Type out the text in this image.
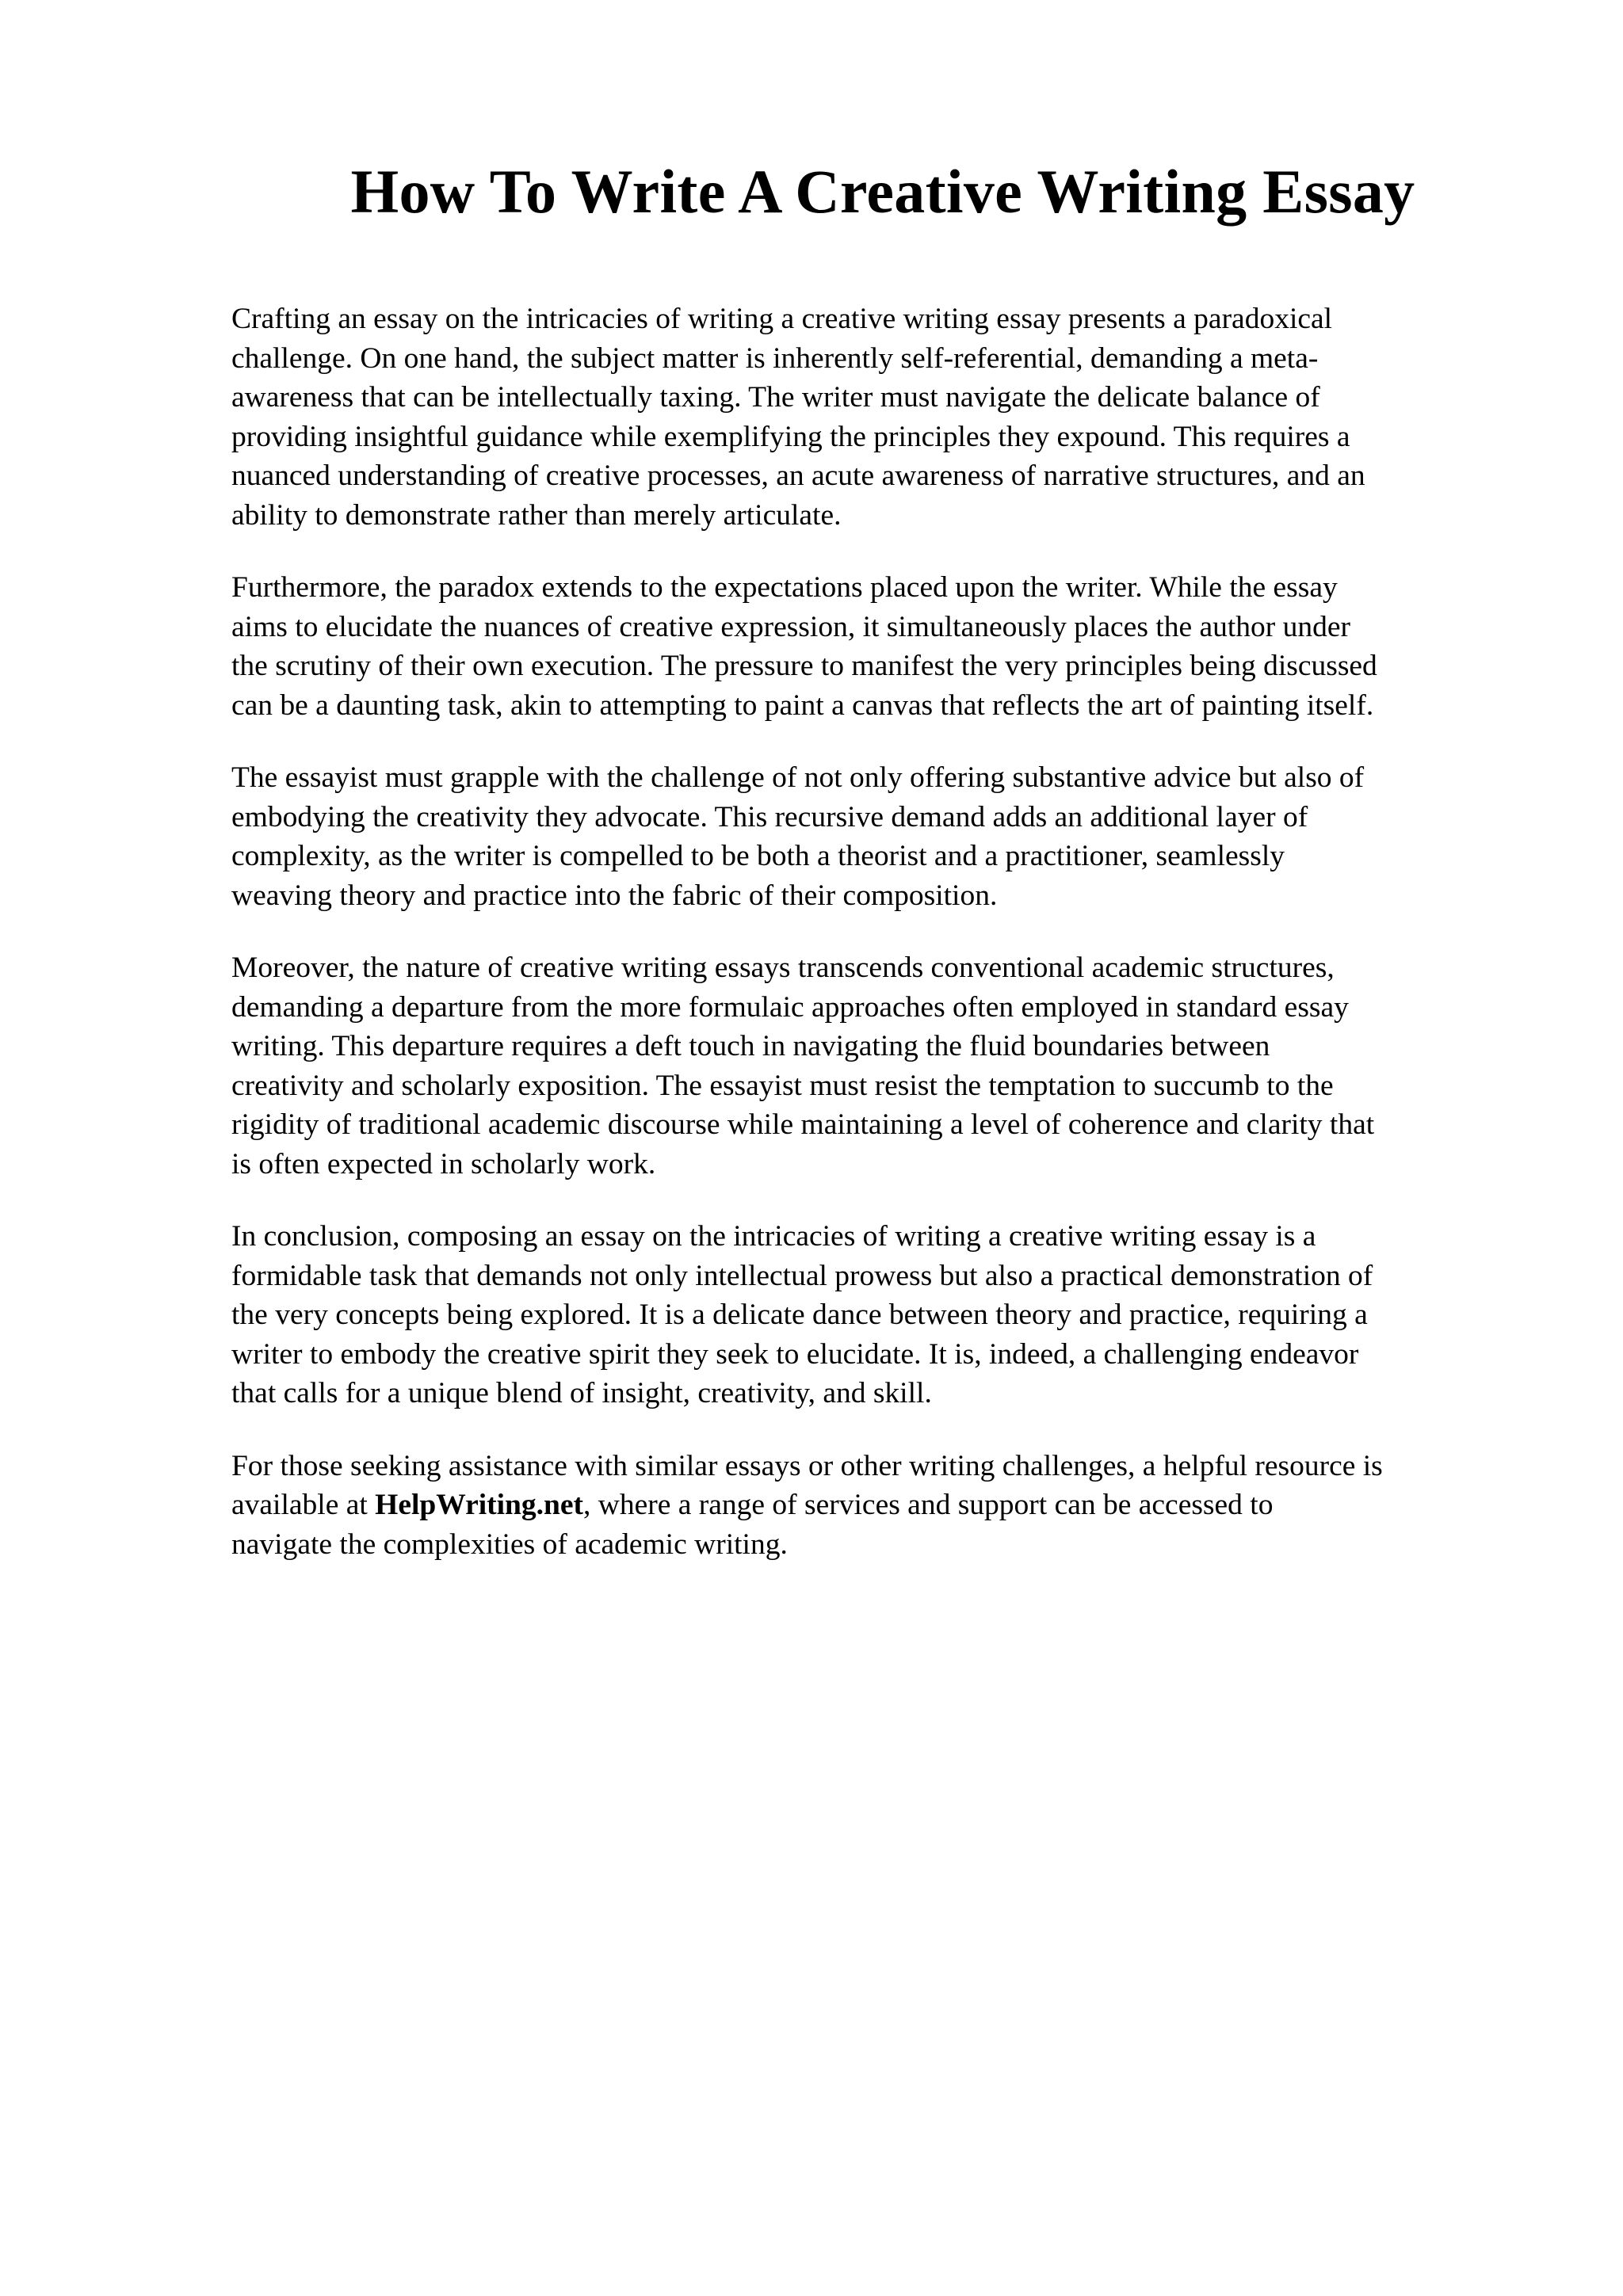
How To Write A Creative Writing Essay

Crafting an essay on the intricacies of writing a creative writing essay presents a paradoxical
challenge. On one hand, the subject matter is inherently self-referential, demanding a meta-
awareness that can be intellectually taxing. The writer must navigate the delicate balance of
providing insightful guidance while exemplifying the principles they expound. This requires a
nuanced understanding of creative processes, an acute awareness of narrative structures, and an
ability to demonstrate rather than merely articulate.

Furthermore, the paradox extends to the expectations placed upon the writer. While the essay
aims to elucidate the nuances of creative expression, it simultaneously places the author under
the scrutiny of their own execution. The pressure to manifest the very principles being discussed
can be a daunting task, akin to attempting to paint a canvas that reflects the art of painting itself.

The essayist must grapple with the challenge of not only offering substantive advice but also of
embodying the creativity they advocate. This recursive demand adds an additional layer of
complexity, as the writer is compelled to be both a theorist and a practitioner, seamlessly
weaving theory and practice into the fabric of their composition.

Moreover, the nature of creative writing essays transcends conventional academic structures,
demanding a departure from the more formulaic approaches often employed in standard essay
writing. This departure requires a deft touch in navigating the fluid boundaries between
creativity and scholarly exposition. The essayist must resist the temptation to succumb to the
rigidity of traditional academic discourse while maintaining a level of coherence and clarity that
is often expected in scholarly work.

In conclusion, composing an essay on the intricacies of writing a creative writing essay is a
formidable task that demands not only intellectual prowess but also a practical demonstration of
the very concepts being explored. It is a delicate dance between theory and practice, requiring a
writer to embody the creative spirit they seek to elucidate. It is, indeed, a challenging endeavor
that calls for a unique blend of insight, creativity, and skill.

For those seeking assistance with similar essays or other writing challenges, a helpful resource is
available at HelpWriting.net, where a range of services and support can be accessed to
navigate the complexities of academic writing.
